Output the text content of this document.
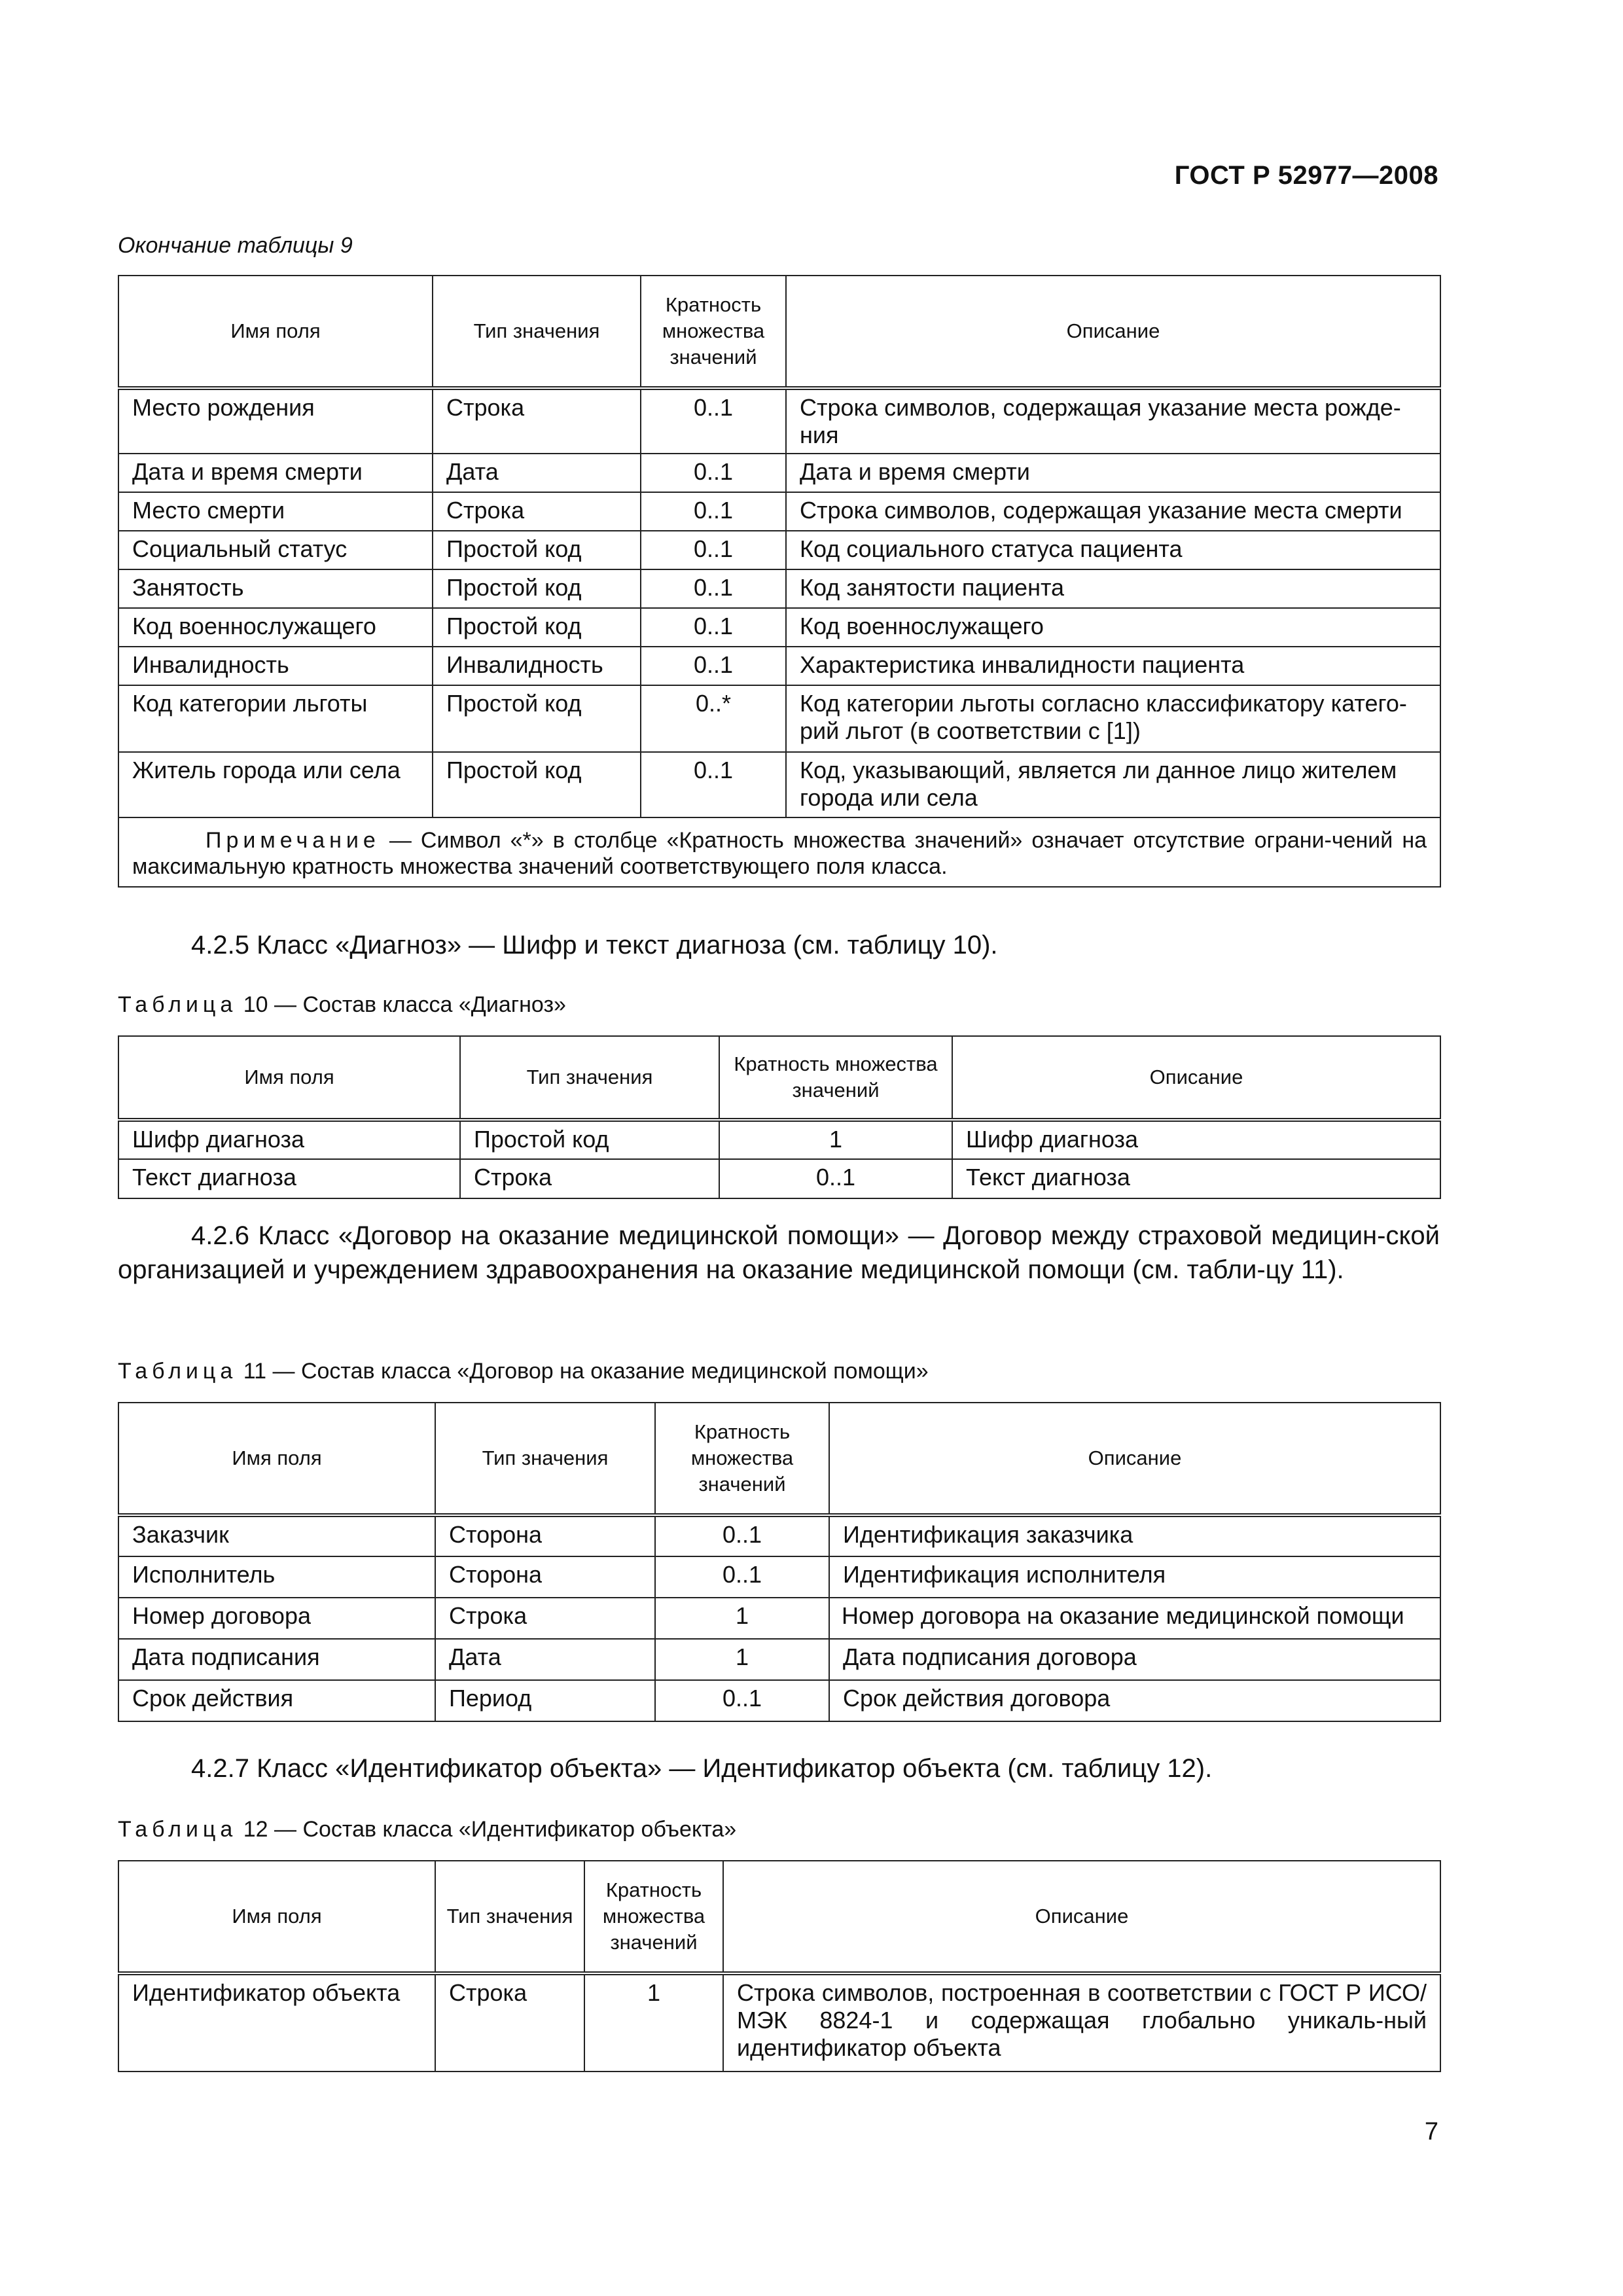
ГОСТ Р 52977—2008
Окончание таблицы 9
Имя поля	Тип значения	Кратность множества значений	Описание
Место рождения	Строка	0..1	Строка символов, содержащая указание места рожде-ния
Дата и время смерти	Дата	0..1	Дата и время смерти
Место смерти	Строка	0..1	Строка символов, содержащая указание места смерти
Социальный статус	Простой код	0..1	Код социального статуса пациента
Занятость	Простой код	0..1	Код занятости пациента
Код военнослужащего	Простой код	0..1	Код военнослужащего
Инвалидность	Инвалидность	0..1	Характеристика инвалидности пациента
Код категории льготы	Простой код	0..*	Код категории льготы согласно классификатору катего-рий льгот (в соответствии с [1])
Житель города или села	Простой код	0..1	Код, указывающий, является ли данное лицо жителем города или села
Примечание — Символ «*» в столбце «Кратность множества значений» означает отсутствие ограни-чений на максимальную кратность множества значений соответствующего поля класса.			
4.2.5 Класс «Диагноз» — Шифр и текст диагноза (см. таблицу 10).
Таблица 10 — Состав класса «Диагноз»
Имя поля	Тип значения	Кратность множества значений	Описание
Шифр диагноза	Простой код	1	Шифр диагноза
Текст диагноза	Строка	0..1	Текст диагноза
4.2.6 Класс «Договор на оказание медицинской помощи» — Договор между страховой медицин-ской организацией и учреждением здравоохранения на оказание медицинской помощи (см. табли-цу 11).
Таблица 11 — Состав класса «Договор на оказание медицинской помощи»
Имя поля	Тип значения	Кратность множества значений	Описание
Заказчик	Сторона	0..1	Идентификация заказчика
Исполнитель	Сторона	0..1	Идентификация исполнителя
Номер договора	Строка	1	Номер договора на оказание медицинской помощи
Дата подписания	Дата	1	Дата подписания договора
Срок действия	Период	0..1	Срок действия договора
4.2.7 Класс «Идентификатор объекта» — Идентификатор объекта (см. таблицу 12).
Таблица 12 — Состав класса «Идентификатор объекта»
Имя поля	Тип значения	Кратность множества значений	Описание
Идентификатор объекта	Строка	1	Строка символов, построенная в соответствии с ГОСТ Р ИСО/МЭК 8824-1 и содержащая глобально уникаль-ный идентификатор объекта
7
